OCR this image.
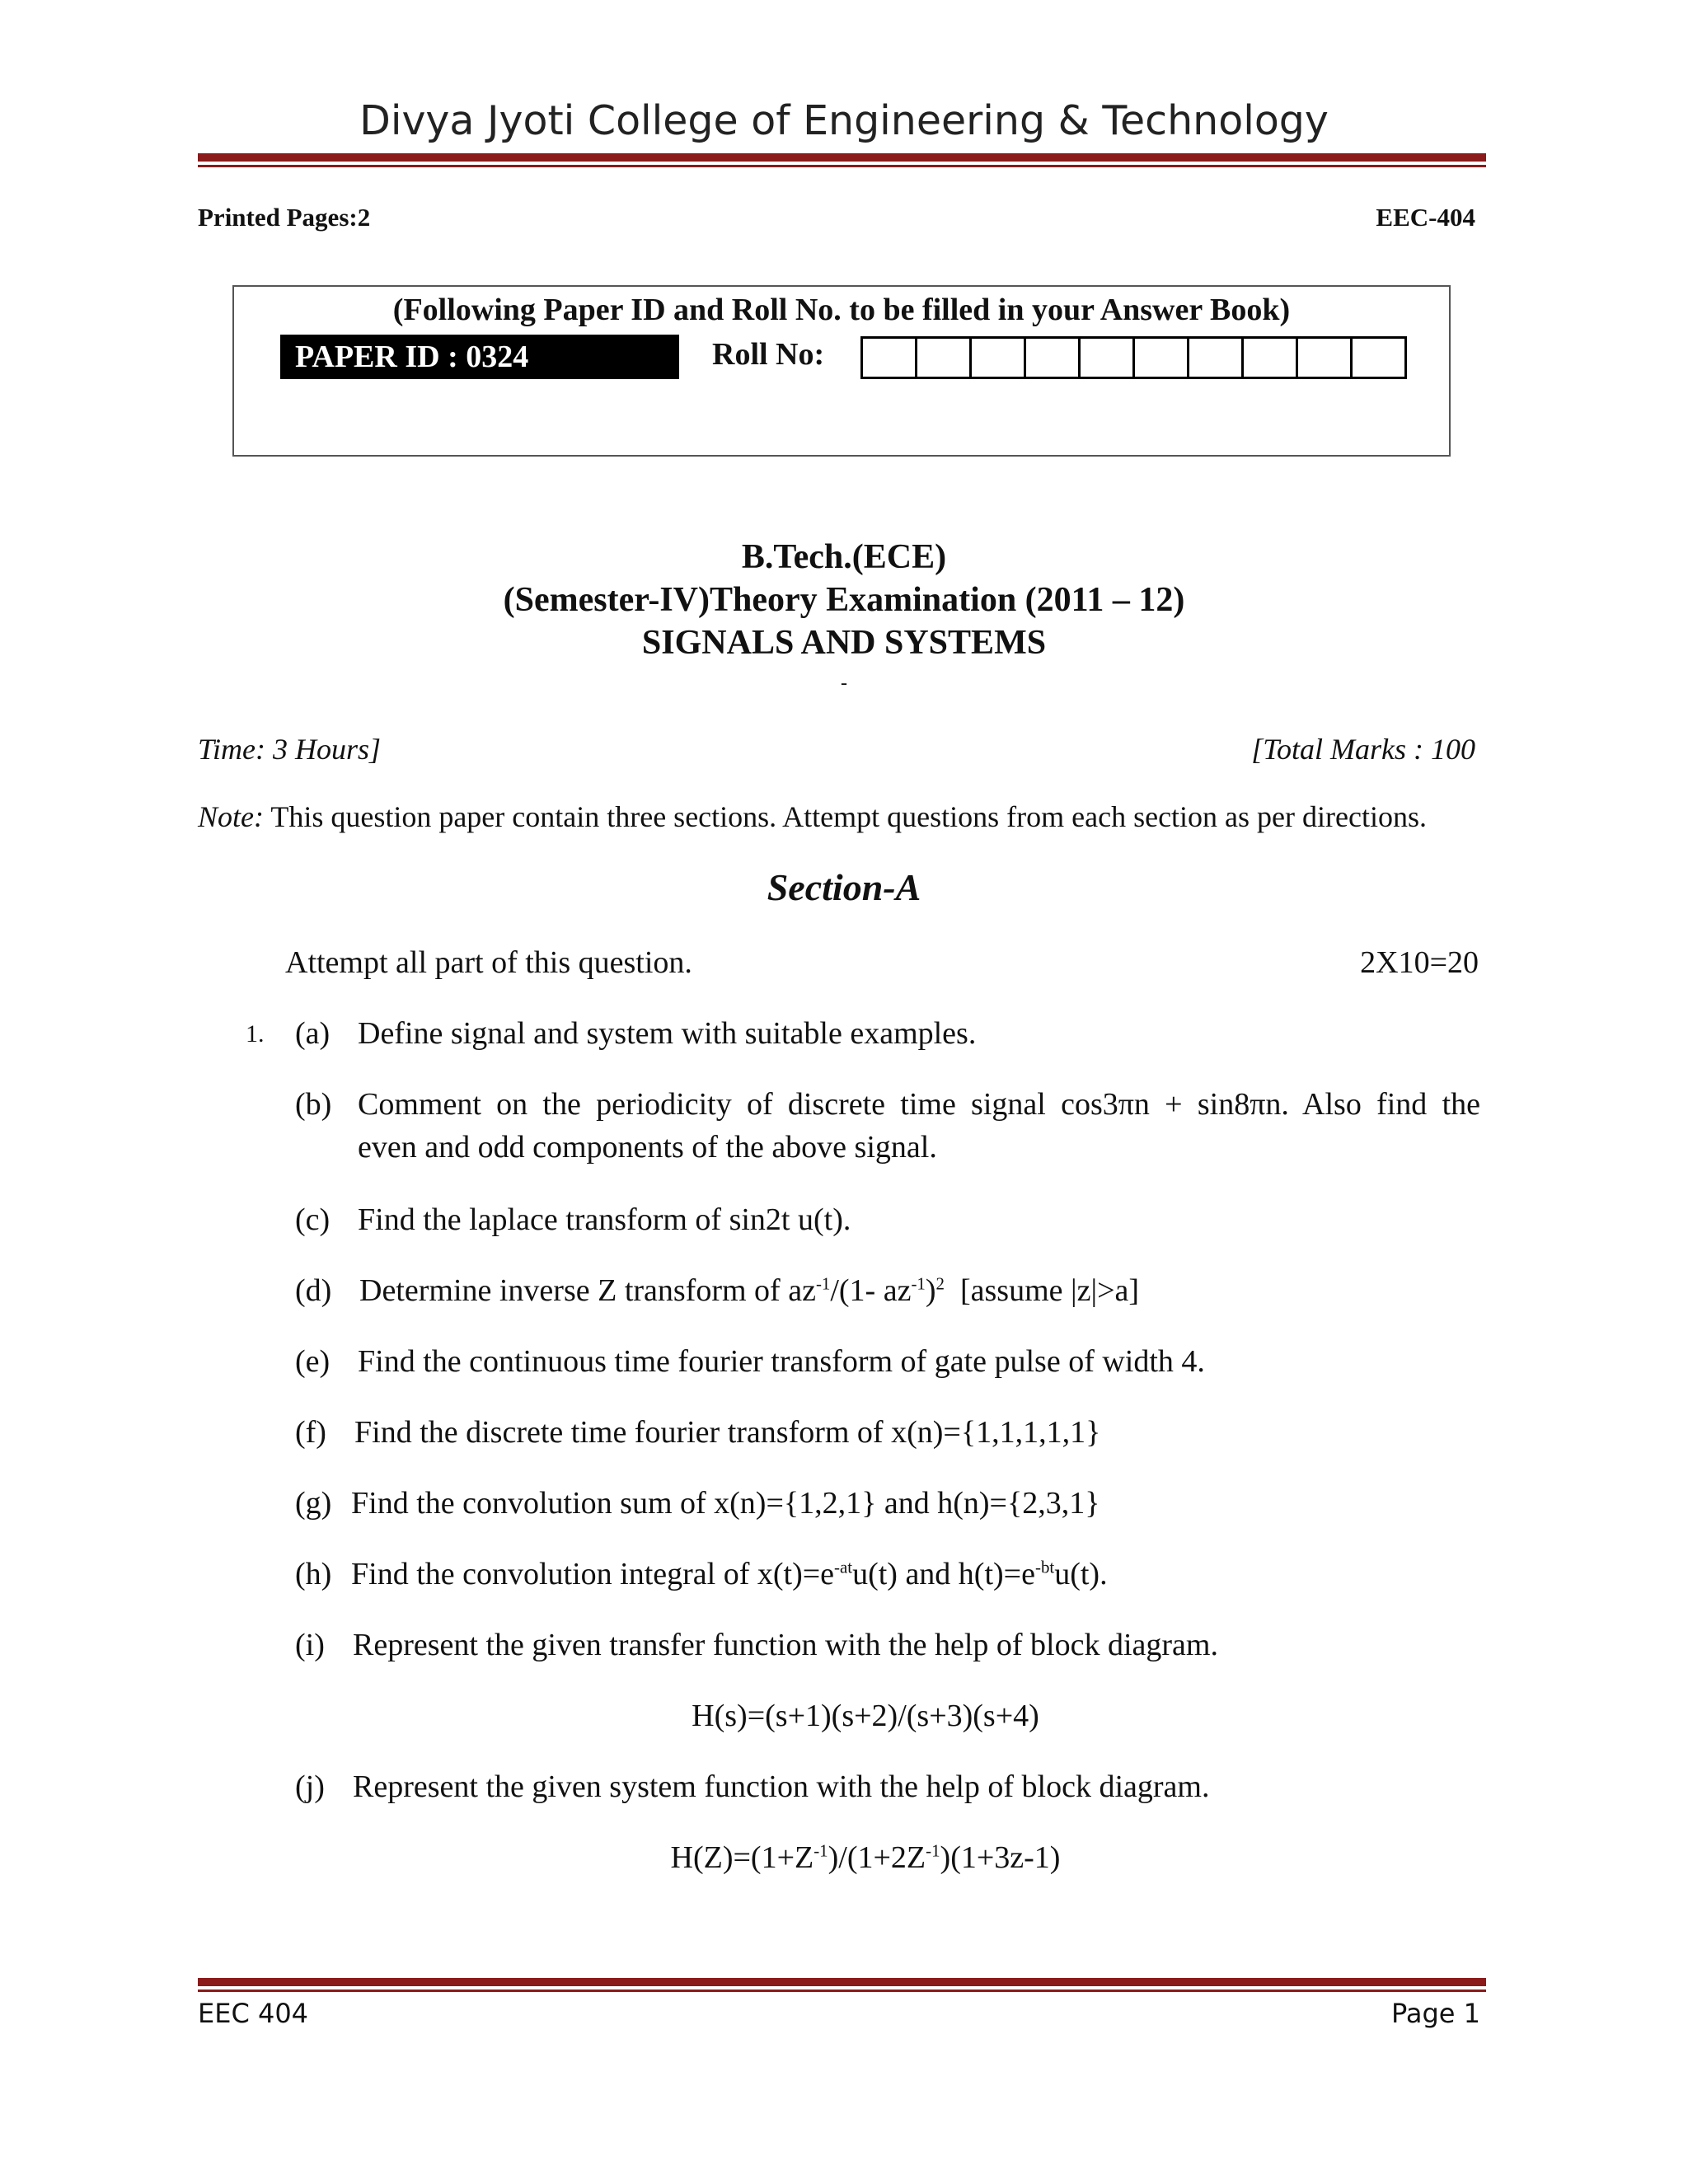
Divya Jyoti College of Engineering & Technology
Printed Pages:2	EEC-404
(Following Paper ID and Roll No. to be filled in your Answer Book)
PAPER ID : 0324	Roll No:
B.Tech.(ECE)
(Semester-IV)Theory Examination (2011 – 12)
SIGNALS AND SYSTEMS
-
Time: 3 Hours]	[Total Marks : 100
Note: This question paper contain three sections. Attempt questions from each section as per directions.
Section-A
Attempt all part of this question.	2X10=20
1. (a) Define signal and system with suitable examples.
(b) Comment on the periodicity of discrete time signal cos3πn + sin8πn. Also find the
even and odd components of the above signal.
(c) Find the laplace transform of sin2t u(t).
(d) Determine inverse Z transform of $az^{-1}/(1-$ $az^{-1})^2$  [assume |z|>a]
(e) Find the continuous time fourier transform of gate pulse of width 4.
(f) Find the discrete time fourier transform of x(n)={1,1,1,1,1}
(g) Find the convolution sum of x(n)={1,2,1} and h(n)={2,3,1}
(h) Find the convolution integral of $x(t)=e^{-at}u(t)$ and $h(t)=e^{-bt}u(t)$.
(i) Represent the given transfer function with the help of block diagram.
H(s)=(s+1)(s+2)/(s+3)(s+4)
(j) Represent the given system function with the help of block diagram.
$H(Z)=(1+Z^{-1})/(1+2Z^{-1})(1+3z-1)$
EEC 404	Page 1
